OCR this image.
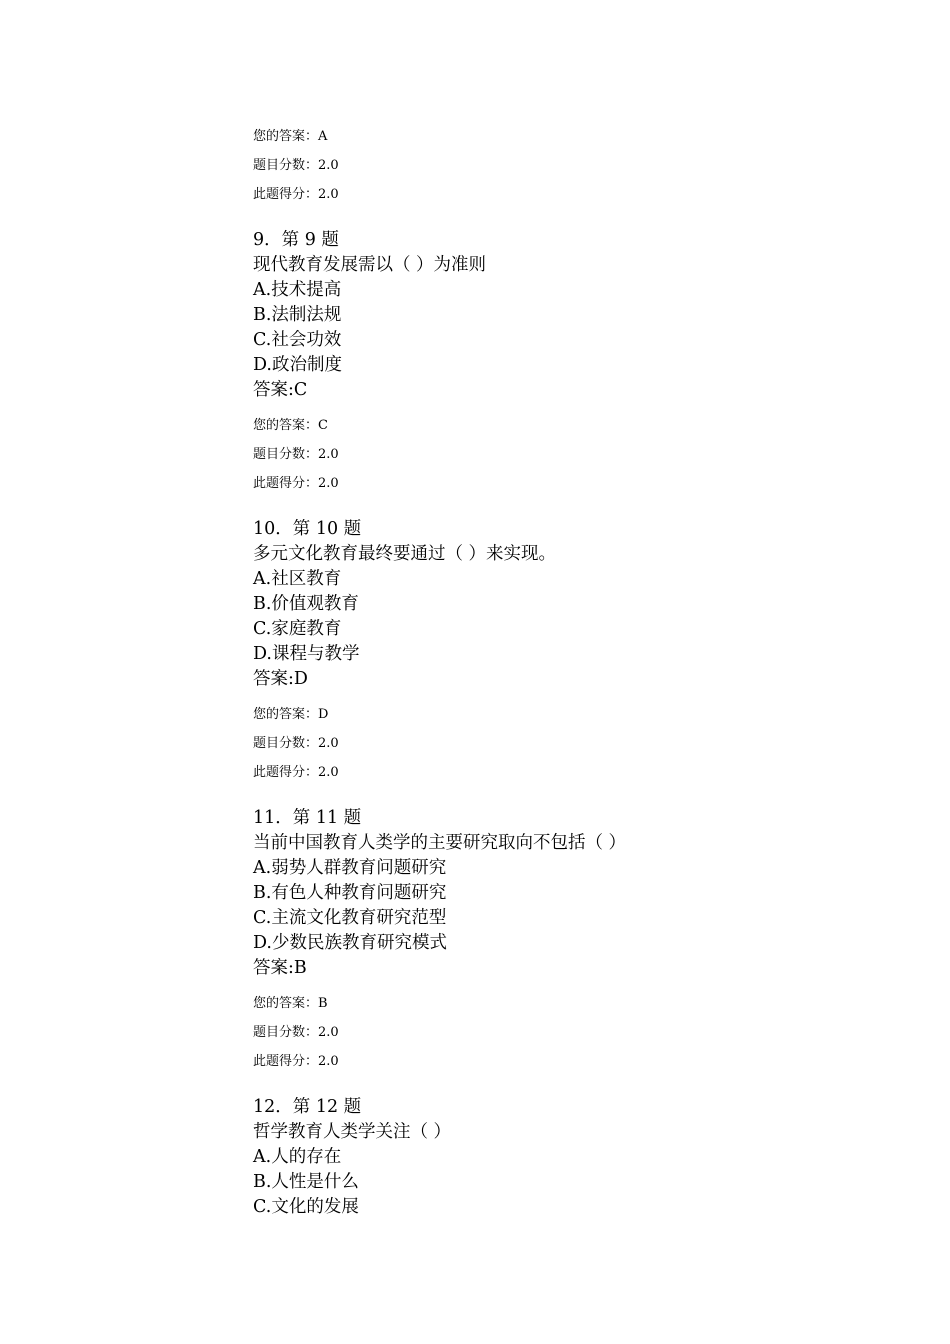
您的答案：A
题目分数：2.0
此题得分：2.0
9．第 9 题
现代教育发展需以（ ）为准则
A.技术提高
B.法制法规
C.社会功效
D.政治制度
答案:C
您的答案：C
题目分数：2.0
此题得分：2.0
10．第 10 题
多元文化教育最终要通过（ ）来实现。
A.社区教育
B.价值观教育
C.家庭教育
D.课程与教学
答案:D
您的答案：D
题目分数：2.0
此题得分：2.0
11．第 11 题
当前中国教育人类学的主要研究取向不包括（ ）
A.弱势人群教育问题研究
B.有色人种教育问题研究
C.主流文化教育研究范型
D.少数民族教育研究模式
答案:B
您的答案：B
题目分数：2.0
此题得分：2.0
12．第 12 题
哲学教育人类学关注（ ）
A.人的存在
B.人性是什么
C.文化的发展
